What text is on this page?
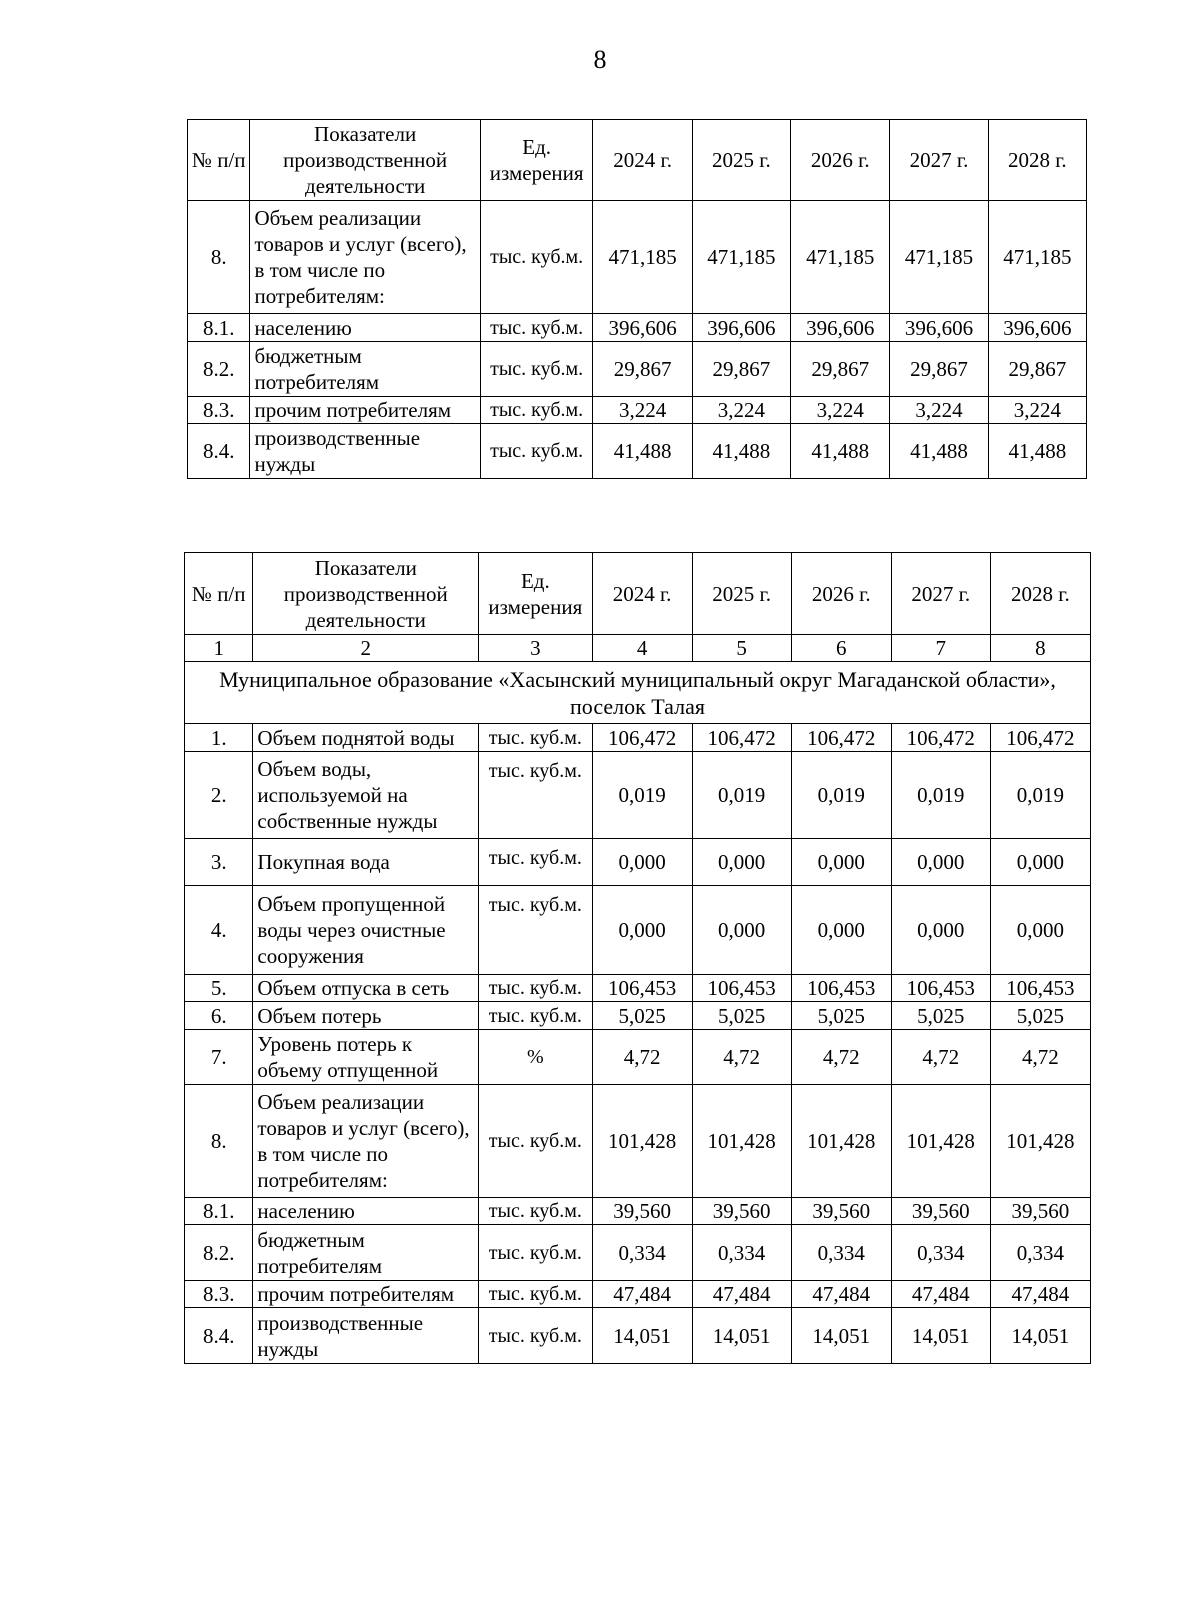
8
№ п/п	Показатели производственной деятельности	Ед. измерения	2024 г.	2025 г.	2026 г.	2027 г.	2028 г.
8.	Объем реализации товаров и услуг (всего), в том числе по потребителям:	тыс. куб.м.	471,185	471,185	471,185	471,185	471,185
8.1.	населению	тыс. куб.м.	396,606	396,606	396,606	396,606	396,606
8.2.	бюджетным потребителям	тыс. куб.м.	29,867	29,867	29,867	29,867	29,867
8.3.	прочим потребителям	тыс. куб.м.	3,224	3,224	3,224	3,224	3,224
8.4.	производственные нужды	тыс. куб.м.	41,488	41,488	41,488	41,488	41,488
№ п/п	Показатели производственной деятельности	Ед. измерения	2024 г.	2025 г.	2026 г.	2027 г.	2028 г.
1	2	3	4	5	6	7	8
Муниципальное образование «Хасынский муниципальный округ Магаданской области», поселок Талая							
1.	Объем поднятой воды	тыс. куб.м.	106,472	106,472	106,472	106,472	106,472
2.	Объем воды, используемой на собственные нужды	тыс. куб.м.	0,019	0,019	0,019	0,019	0,019
3.	Покупная вода	тыс. куб.м.	0,000	0,000	0,000	0,000	0,000
4.	Объем пропущенной воды через очистные сооружения	тыс. куб.м.	0,000	0,000	0,000	0,000	0,000
5.	Объем отпуска в сеть	тыс. куб.м.	106,453	106,453	106,453	106,453	106,453
6.	Объем потерь	тыс. куб.м.	5,025	5,025	5,025	5,025	5,025
7.	Уровень потерь к объему отпущенной	%	4,72	4,72	4,72	4,72	4,72
8.	Объем реализации товаров и услуг (всего), в том числе по потребителям:	тыс. куб.м.	101,428	101,428	101,428	101,428	101,428
8.1.	населению	тыс. куб.м.	39,560	39,560	39,560	39,560	39,560
8.2.	бюджетным потребителям	тыс. куб.м.	0,334	0,334	0,334	0,334	0,334
8.3.	прочим потребителям	тыс. куб.м.	47,484	47,484	47,484	47,484	47,484
8.4.	производственные нужды	тыс. куб.м.	14,051	14,051	14,051	14,051	14,051
